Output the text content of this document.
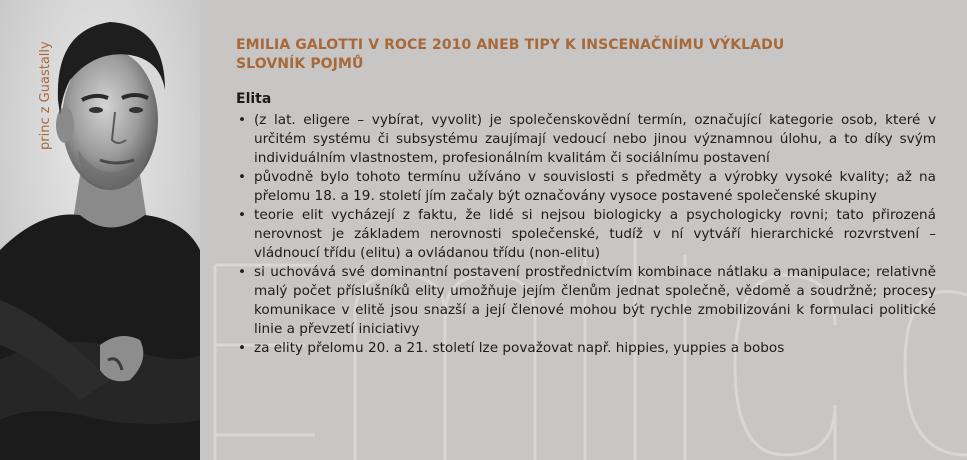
princ z Guastally	EMILIA GALOTTI V ROCE 2010 ANEB TIPY K INSCENAČNÍMU VÝKLADU
SLOVNÍK POJMŮ
Elita
• (z lat. eligere – vybírat, vyvolit) je společenskovědní termín, označující kategorie osob, které v určitém systému či subsystému zaujímají vedoucí nebo jinou významnou úlohu, a to díky svým individuálním vlastnostem, profesionálním kvalitám či sociálnímu postavení
• původně bylo tohoto termínu užíváno v souvislosti s předměty a výrobky vysoké kvality; až na přelomu 18. a 19. století jím začaly být označovány vysoce postavené společenské skupiny
• teorie elit vycházejí z faktu, že lidé si nejsou biologicky a psychologicky rovni; tato přirozená nerovnost je základem nerovnosti společenské, tudíž v ní vytváří hierarchické rozvrstvení – vládnoucí třídu (elitu) a ovládanou třídu (non-elitu)
• si uchovává své dominantní postavení prostřednictvím kombinace nátlaku a manipulace; relativně malý počet příslušníků elity umožňuje jejím členům jednat společně, vědomě a soudržně; procesy komunikace v elitě jsou snazší a její členové mohou být rychle zmobilizováni k formulaci politické linie a převzetí iniciativy
• za elity přelomu 20. a 21. století lze považovat např. hippies, yuppies a bobos
